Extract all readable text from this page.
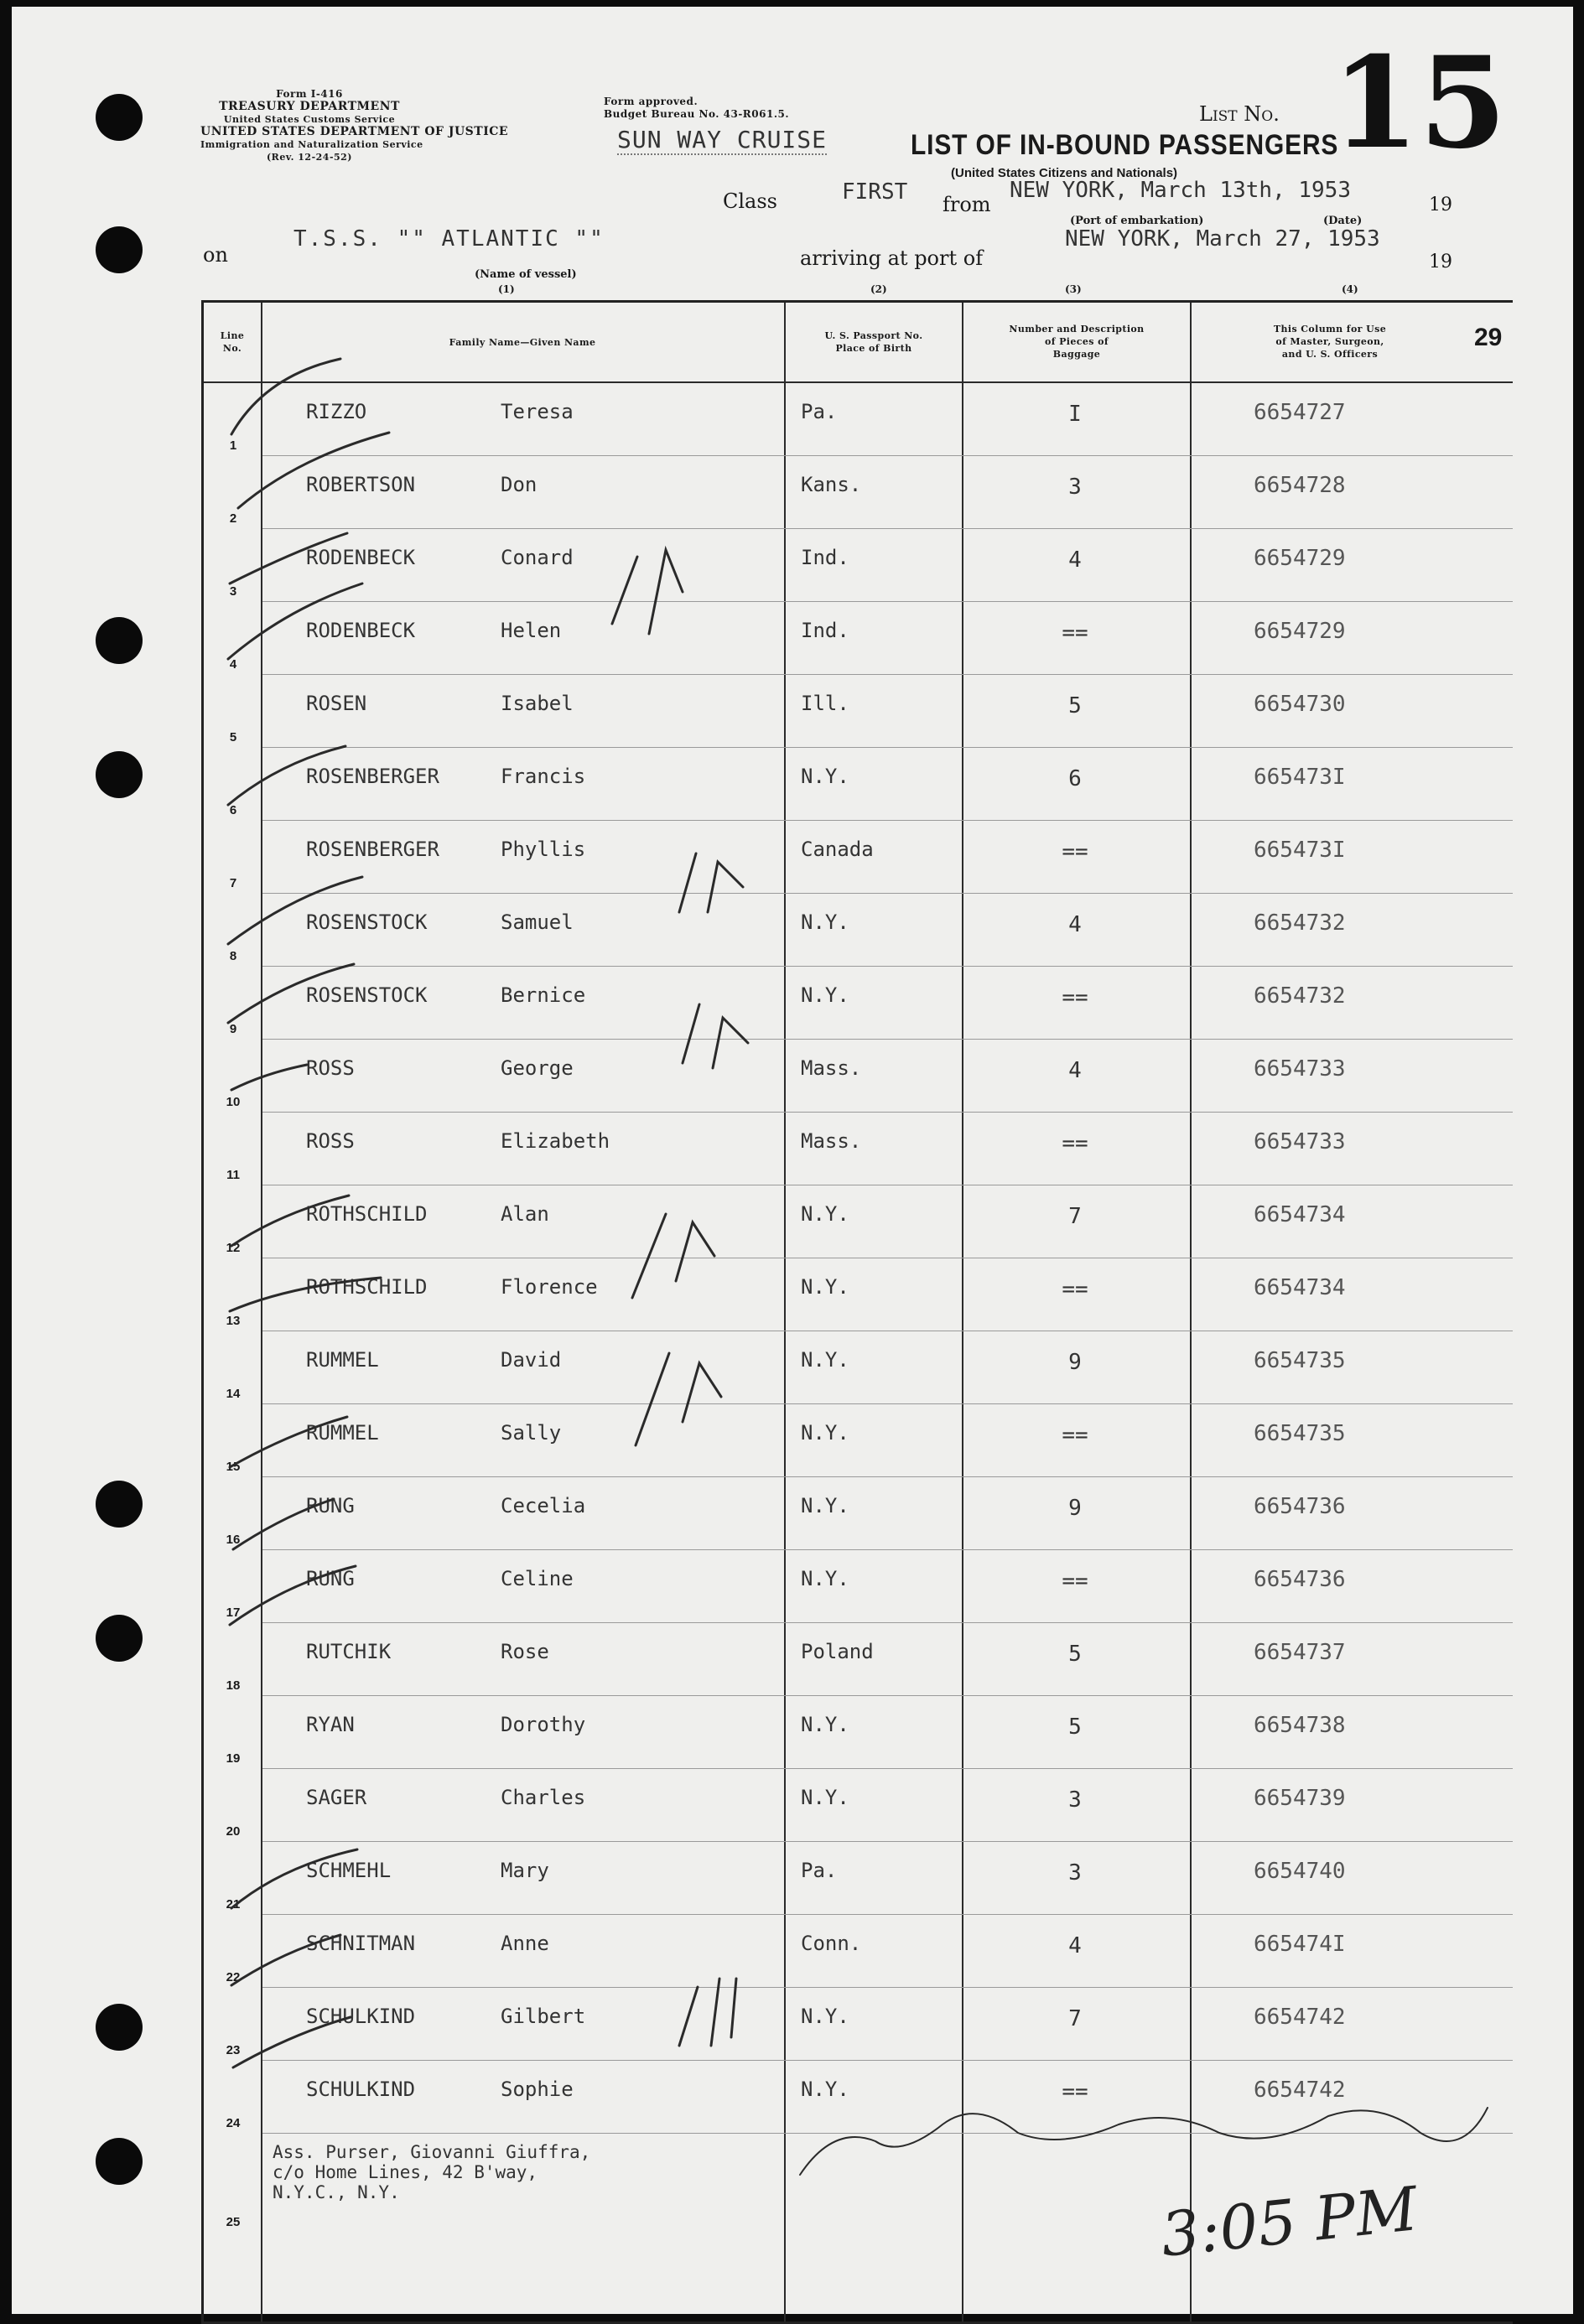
Form I-416
TREASURY DEPARTMENT
United States Customs Service
UNITED STATES DEPARTMENT OF JUSTICE
Immigration and Naturalization Service
(Rev. 12-24-52)
Form approved.
Budget Bureau No. 43-R061.5.
SUN WAY CRUISE	LIST OF IN-BOUND PASSENGERS
(United States Citizens and Nationals)
List No. 15
Class	FIRST from
NEW YORK, March 13th, 1953
19
(Port of embarkation)	(Date)
on
T.S.S. "" ATLANTIC ""
(Name of vessel)
(1)
arriving at port of
NEW YORK, March 27, 1953
19
(2)	(3)	(4)
29
Line
No.
Family Name—Given Name
U. S. Passport No.
Place of Birth
Number and Description
of Pieces of
Baggage
This Column for Use
of Master, Surgeon,
and U. S. Officers
1
RIZZO	Teresa	Pa.	I	6654727
2
ROBERTSON	Don	Kans.	3	6654728
3
RODENBECK	Conard	Ind.	4	6654729
4
RODENBECK	Helen	Ind.	==	6654729
5
ROSEN	Isabel	Ill.	5	6654730
6
ROSENBERGER	Francis	N.Y.	6	665473I
7
ROSENBERGER	Phyllis	Canada	==	665473I
8
ROSENSTOCK	Samuel	N.Y.	4	6654732
9
ROSENSTOCK	Bernice	N.Y.	==	6654732
10
ROSS	George	Mass.	4	6654733
11
ROSS	Elizabeth	Mass.	==	6654733
12
ROTHSCHILD	Alan	N.Y.	7	6654734
13
ROTHSCHILD	Florence	N.Y.	==	6654734
14
RUMMEL	David	N.Y.	9	6654735
15
RUMMEL	Sally	N.Y.	==	6654735
16
RUNG	Cecelia	N.Y.	9	6654736
17
RUNG	Celine	N.Y.	==	6654736
18
RUTCHIK	Rose	Poland	5	6654737
19
RYAN	Dorothy	N.Y.	5	6654738
20
SAGER	Charles	N.Y.	3	6654739
21
SCHMEHL	Mary	Pa.	3	6654740
22
SCHNITMAN	Anne	Conn.	4	665474I
23
SCHULKIND	Gilbert	N.Y.	7	6654742
24
SCHULKIND	Sophie	N.Y.	==	6654742
25
Ass. Purser, Giovanni Giuffra,
c/o Home Lines, 42 B'way,
N.Y.C., N.Y.	3:05 PM
